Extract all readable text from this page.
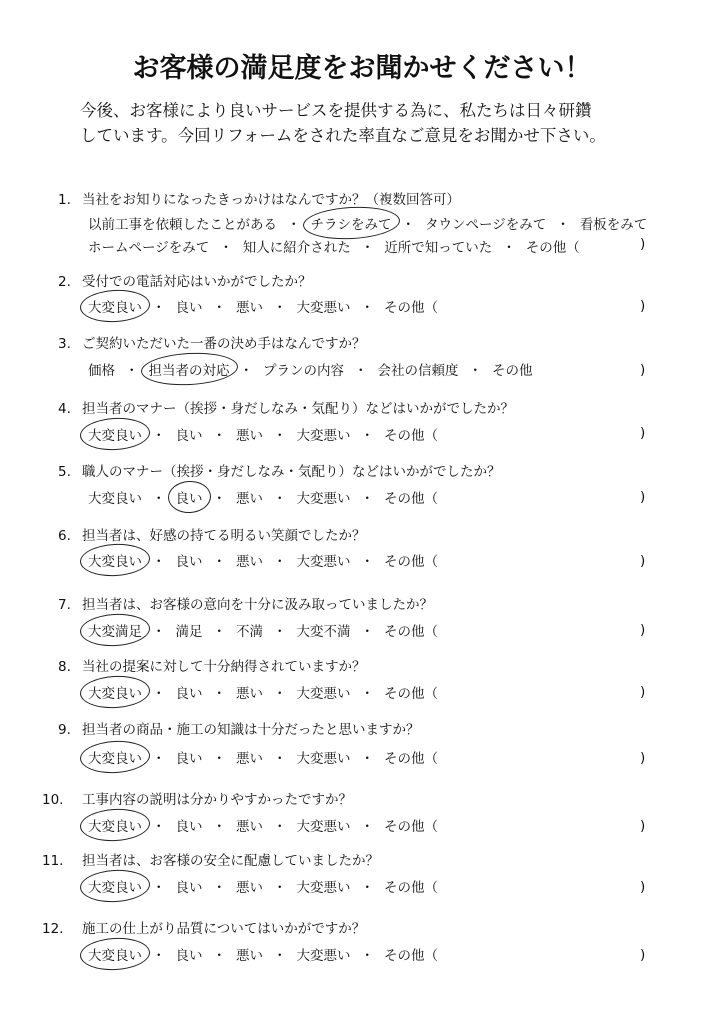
お客様の満足度をお聞かせください！
今後、お客様により良いサービスを提供する為に、私たちは日々研鑽
しています。今回リフォームをされた率直なご意見をお聞かせ下さい。
1. 当社をお知りになったきっかけはなんですか？（複数回答可）
以前工事を依頼したことがある ・ チラシをみて ・ タウンページをみて ・ 看板をみて
ホームページをみて ・ 知人に紹介された ・ 近所で知っていた ・ その他（	)
2. 受付での電話対応はいかがでしたか？
大変良い ・ 良い ・ 悪い ・ 大変悪い ・ その他（	)
3. ご契約いただいた一番の決め手はなんですか？
価格 ・ 担当者の対応 ・ プランの内容 ・ 会社の信頼度 ・ その他	)
4. 担当者のマナー（挨拶・身だしなみ・気配り）などはいかがでしたか？
大変良い ・ 良い ・ 悪い ・ 大変悪い ・ その他（	)
5. 職人のマナー（挨拶・身だしなみ・気配り）などはいかがでしたか？
大変良い ・ 良い ・ 悪い ・ 大変悪い ・ その他（	)
6. 担当者は、好感の持てる明るい笑顔でしたか？
大変良い ・ 良い ・ 悪い ・ 大変悪い ・ その他（	)
7. 担当者は、お客様の意向を十分に汲み取っていましたか？
大変満足 ・ 満足 ・ 不満 ・ 大変不満 ・ その他（	)
8. 当社の提案に対して十分納得されていますか？
大変良い ・ 良い ・ 悪い ・ 大変悪い ・ その他（	)
9. 担当者の商品・施工の知識は十分だったと思いますか？
大変良い ・ 良い ・ 悪い ・ 大変悪い ・ その他（	)
10. 工事内容の説明は分かりやすかったですか？
大変良い ・ 良い ・ 悪い ・ 大変悪い ・ その他（	)
11. 担当者は、お客様の安全に配慮していましたか？
大変良い ・ 良い ・ 悪い ・ 大変悪い ・ その他（	)
12. 施工の仕上がり品質についてはいかがですか？
大変良い ・ 良い ・ 悪い ・ 大変悪い ・ その他（	)
